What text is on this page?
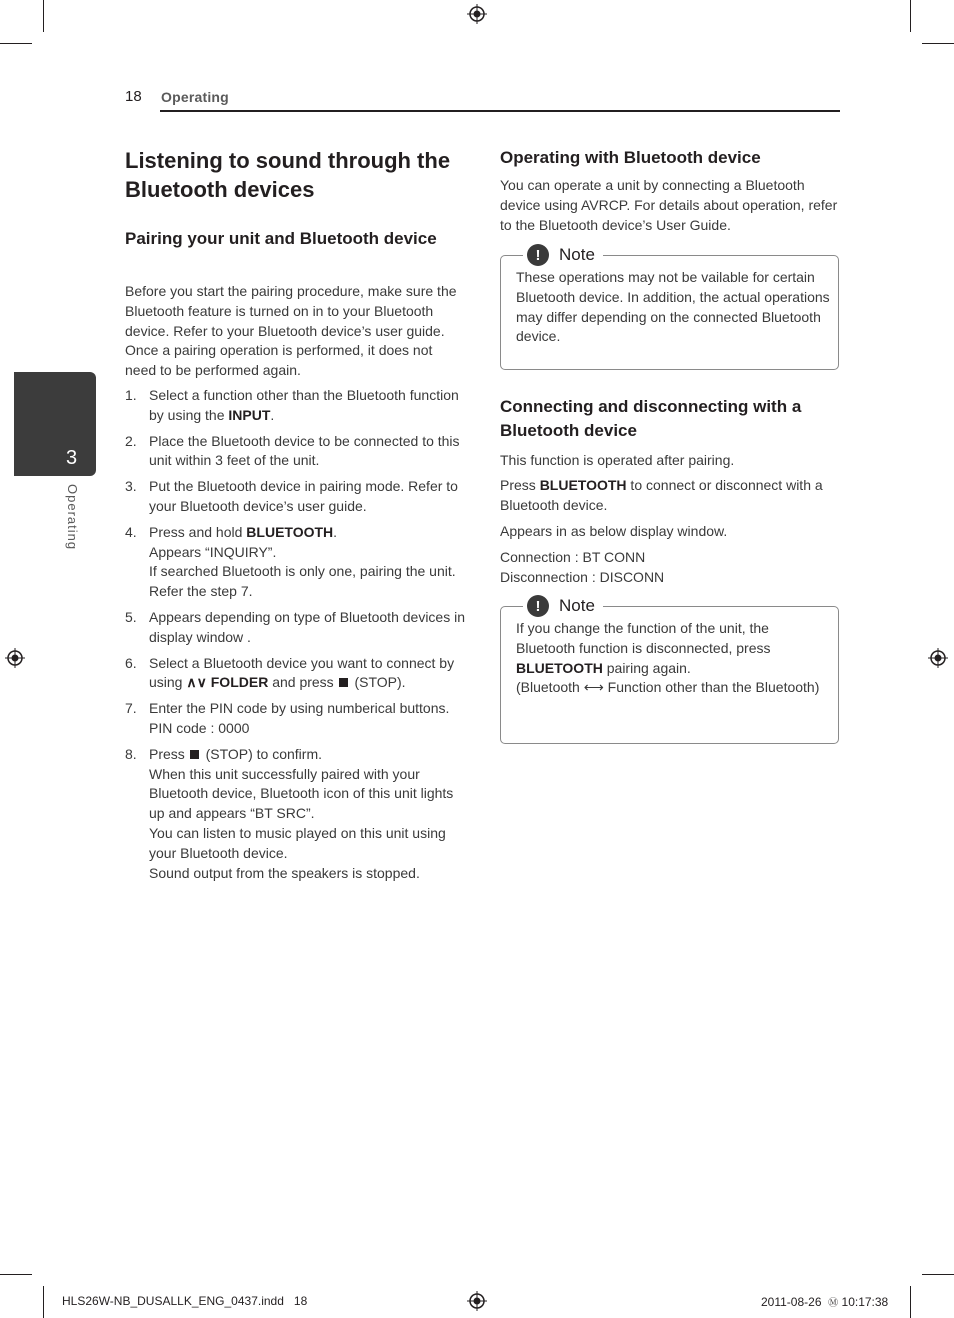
18 Operating
3
Operating
Listening to sound through the Bluetooth devices
Pairing your unit and Bluetooth device
Before you start the pairing procedure, make sure the Bluetooth feature is turned on in to your Bluetooth device. Refer to your Bluetooth device’s user guide. Once a pairing operation is performed, it does not need to be performed again.
1. Select a function other than the Bluetooth function by using the INPUT.
2. Place the Bluetooth device to be connected to this unit within 3 feet of the unit.
3. Put the Bluetooth device in pairing mode. Refer to your Bluetooth device’s user guide.
4. Press and hold BLUETOOTH.
Appears “INQUIRY”.
If searched Bluetooth is only one, pairing the unit. Refer the step 7.
5. Appears depending on type of Bluetooth devices in display window .
6. Select a Bluetooth device you want to connect by using ∧∨ FOLDER and press  (STOP).
7. Enter the PIN code by using numberical buttons.
PIN code : 0000
8. Press  (STOP) to confirm.
When this unit successfully paired with your Bluetooth device, Bluetooth icon of this unit lights up and appears “BT SRC”.
You can listen to music played on this unit using your Bluetooth device.
Sound output from the speakers is stopped.
Operating with Bluetooth device
You can operate a unit by connecting a Bluetooth device using AVRCP. For details about operation, refer to the Bluetooth device’s User Guide.
!	Note
These operations may not be vailable for certain Bluetooth device. In addition, the actual operations may differ depending on the connected Bluetooth device.
Connecting and disconnecting with a Bluetooth device
This function is operated after pairing.
Press BLUETOOTH to connect or disconnect with a Bluetooth device.
Appears in as below display window.
Connection : BT CONN
Disconnection : DISCONN
!	Note
If you change the function of the unit, the Bluetooth function is disconnected, press BLUETOOTH pairing again.
(Bluetooth ⟷ Function other than the Bluetooth)
HLS26W-NB_DUSALLK_ENG_0437.indd   18	2011-08-26 Ⓜ 10:17:38
